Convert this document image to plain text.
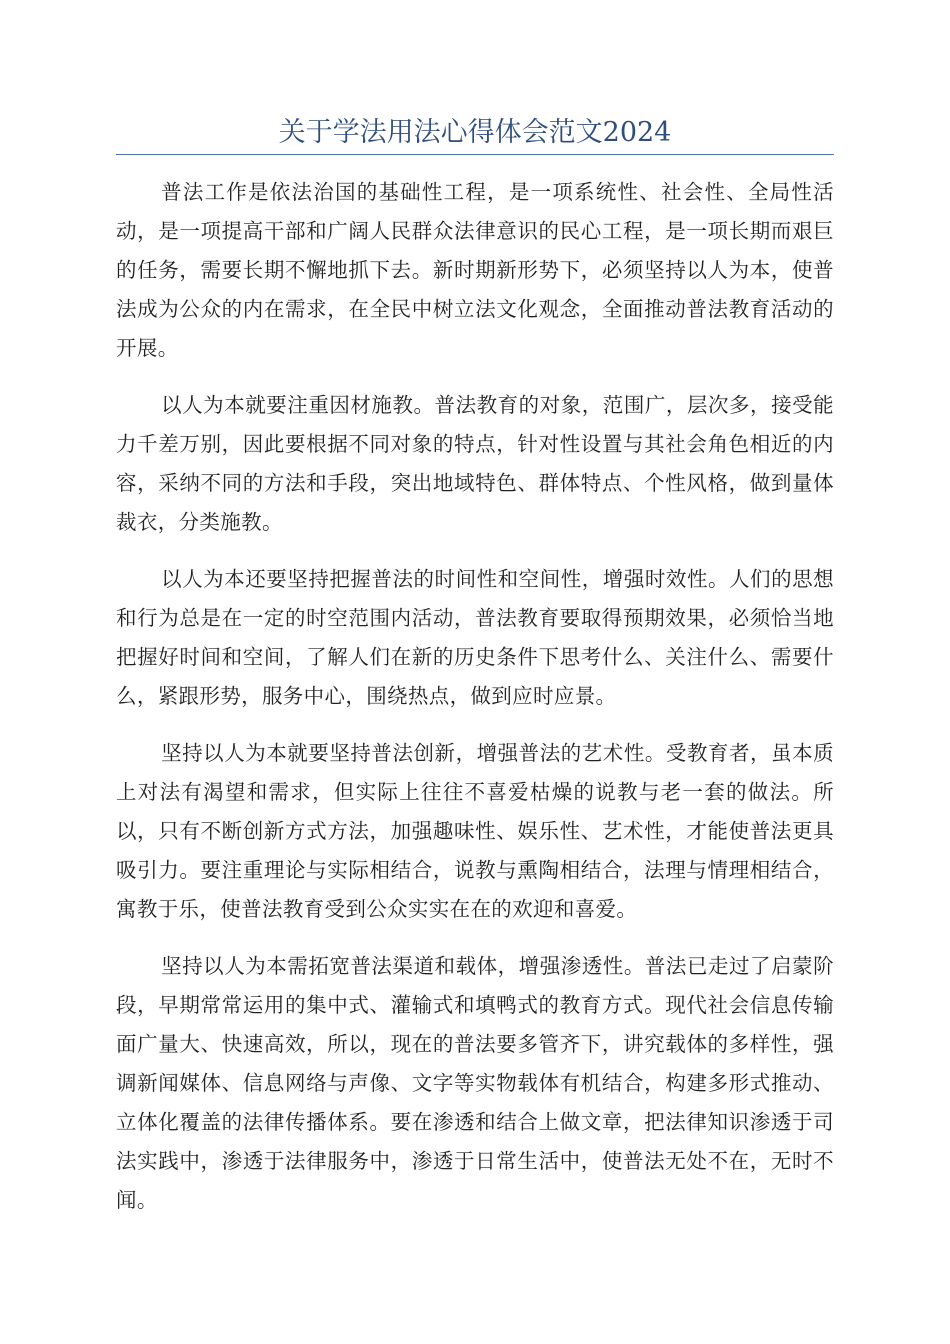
关于学法用法心得体会范文2024

普法工作是依法治国的基础性工程，是一项系统性、社会性、全局性活动，是一项提高干部和广阔人民群众法律意识的民心工程，是一项长期而艰巨的任务，需要长期不懈地抓下去。新时期新形势下，必须坚持以人为本，使普法成为公众的内在需求，在全民中树立法文化观念，全面推动普法教育活动的开展。

以人为本就要注重因材施教。普法教育的对象，范围广，层次多，接受能力千差万别，因此要根据不同对象的特点，针对性设置与其社会角色相近的内容，采纳不同的方法和手段，突出地域特色、群体特点、个性风格，做到量体裁衣，分类施教。

以人为本还要坚持把握普法的时间性和空间性，增强时效性。人们的思想和行为总是在一定的时空范围内活动，普法教育要取得预期效果，必须恰当地把握好时间和空间，了解人们在新的历史条件下思考什么、关注什么、需要什么，紧跟形势，服务中心，围绕热点，做到应时应景。

坚持以人为本就要坚持普法创新，增强普法的艺术性。受教育者，虽本质上对法有渴望和需求，但实际上往往不喜爱枯燥的说教与老一套的做法。所以，只有不断创新方式方法，加强趣味性、娱乐性、艺术性，才能使普法更具吸引力。要注重理论与实际相结合，说教与熏陶相结合，法理与情理相结合，寓教于乐，使普法教育受到公众实实在在的欢迎和喜爱。

坚持以人为本需拓宽普法渠道和载体，增强渗透性。普法已走过了启蒙阶段，早期常常运用的集中式、灌输式和填鸭式的教育方式。现代社会信息传输面广量大、快速高效，所以，现在的普法要多管齐下，讲究载体的多样性，强调新闻媒体、信息网络与声像、文字等实物载体有机结合，构建多形式推动、立体化覆盖的法律传播体系。要在渗透和结合上做文章，把法律知识渗透于司法实践中，渗透于法律服务中，渗透于日常生活中，使普法无处不在，无时不闻。
